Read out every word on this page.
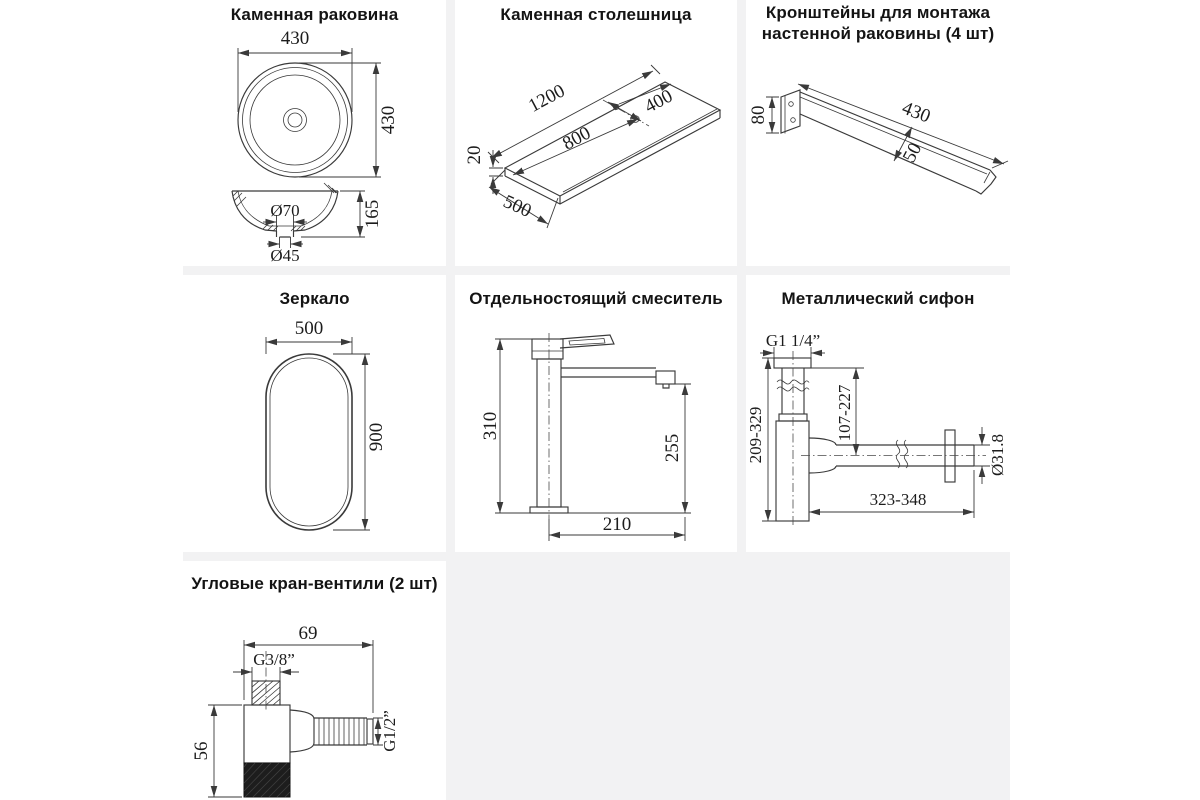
Каменная раковина
430
430
Ø70
Ø45
165
Каменная столешница
1200	400
800
20
500
Кронштейны для монтажа
настенной раковины (4 шт)
80	430
50
Зеркало
500
900
Отдельностоящий смеситель
310
255
210
Металлический сифон
G1 1/4”
209-329	107-227
Ø31.8
323-348
Угловые кран-вентили (2 шт)
69
G3/8”
56	G1/2”
